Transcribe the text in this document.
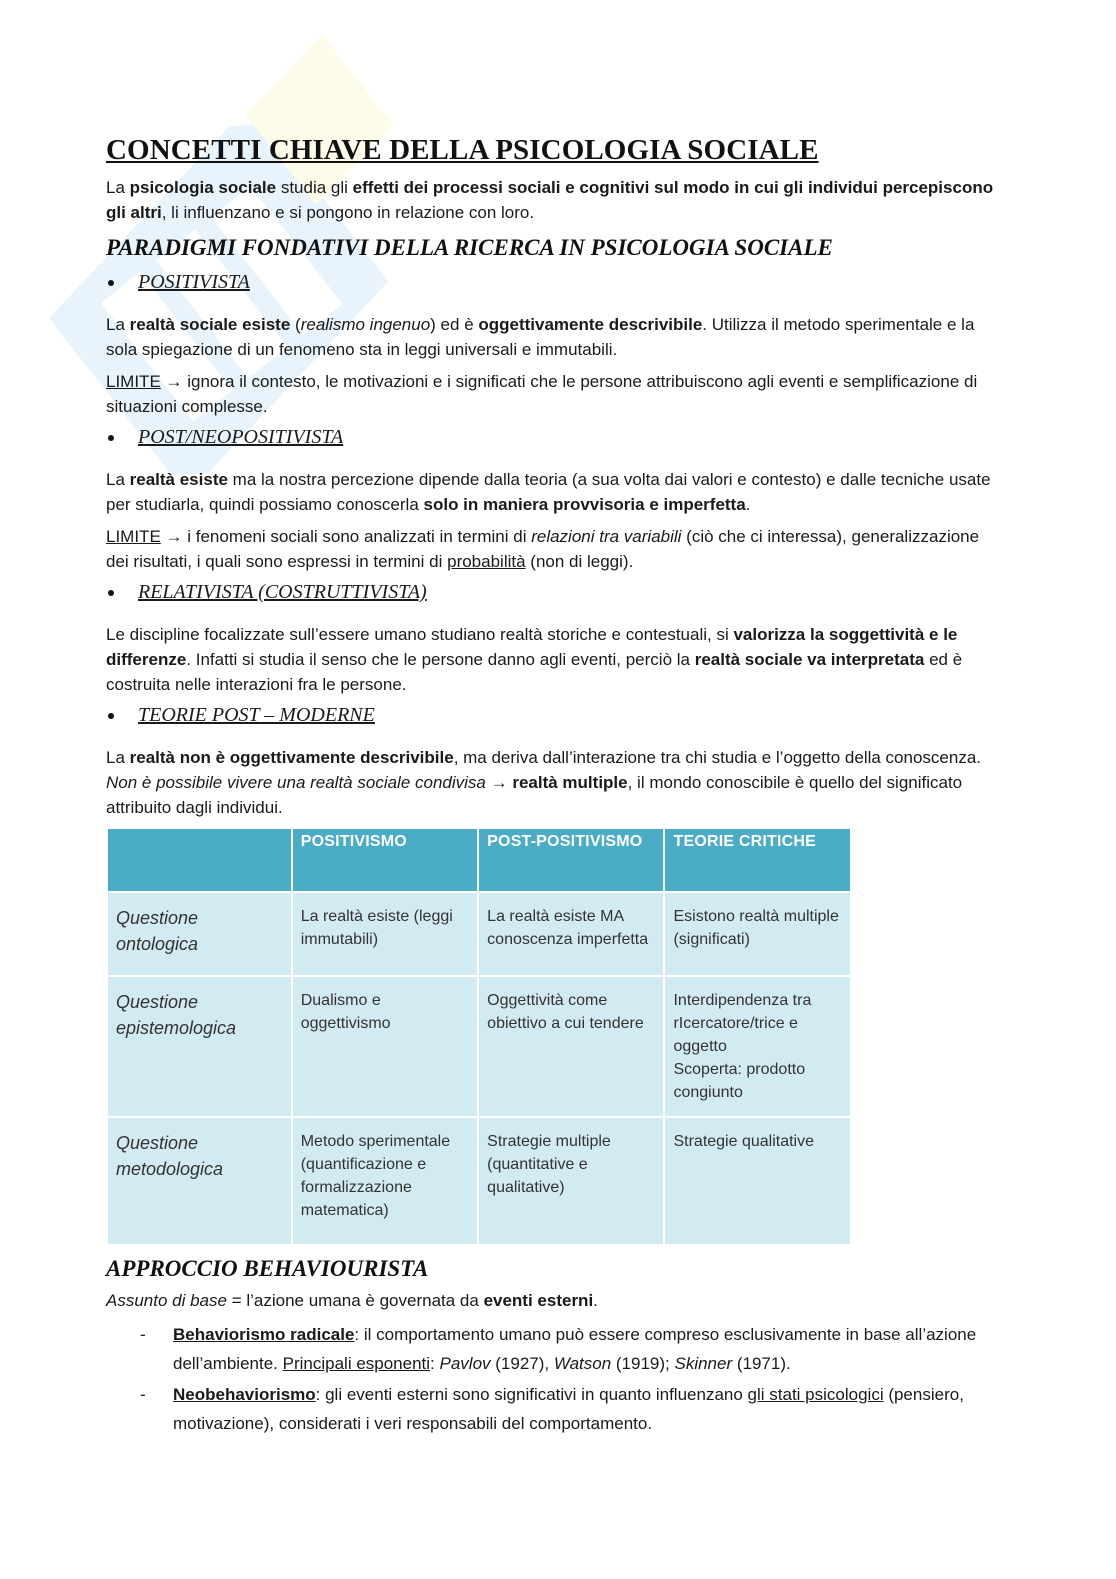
CONCETTI CHIAVE DELLA PSICOLOGIA SOCIALE

La psicologia sociale studia gli effetti dei processi sociali e cognitivi sul modo in cui gli individui percepiscono gli altri, li influenzano e si pongono in relazione con loro.

PARADIGMI FONDATIVI DELLA RICERCA IN PSICOLOGIA SOCIALE
POSITIVISTA

La realtà sociale esiste (realismo ingenuo) ed è oggettivamente descrivibile. Utilizza il metodo sperimentale e la sola spiegazione di un fenomeno sta in leggi universali e immutabili.

LIMITE → ignora il contesto, le motivazioni e i significati che le persone attribuiscono agli eventi e semplificazione di situazioni complesse.

POST/NEOPOSITIVISTA

La realtà esiste ma la nostra percezione dipende dalla teoria (a sua volta dai valori e contesto) e dalle tecniche usate per studiarla, quindi possiamo conoscerla solo in maniera provvisoria e imperfetta.

LIMITE → i fenomeni sociali sono analizzati in termini di relazioni tra variabili (ciò che ci interessa), generalizzazione dei risultati, i quali sono espressi in termini di probabilità (non di leggi).

RELATIVISTA (COSTRUTTIVISTA)

Le discipline focalizzate sull’essere umano studiano realtà storiche e contestuali, si valorizza la soggettività e le differenze. Infatti si studia il senso che le persone danno agli eventi, perciò la realtà sociale va interpretata ed è costruita nelle interazioni fra le persone.

TEORIE POST – MODERNE

La realtà non è oggettivamente descrivibile, ma deriva dall’interazione tra chi studia e l’oggetto della conoscenza. Non è possibile vivere una realtà sociale condivisa → realtà multiple, il mondo conoscibile è quello del significato attribuito dagli individui.

	POSITIVISMO	POST-POSITIVISMO	TEORIE CRITICHE
Questione ontologica	La realtà esiste (leggi immutabili)	La realtà esiste MA conoscenza imperfetta	Esistono realtà multiple (significati)
Questione epistemologica	Dualismo e oggettivismo	Oggettività come obiettivo a cui tendere	Interdipendenza tra rIcercatore/trice e oggetto
Scoperta: prodotto congiunto
Questione metodologica	Metodo sperimentale (quantificazione e formalizzazione matematica)	Strategie multiple (quantitative e qualitative)	Strategie qualitative
APPROCCIO BEHAVIOURISTA

Assunto di base = l’azione umana è governata da eventi esterni.

- Behaviorismo radicale: il comportamento umano può essere compreso esclusivamente in base all’azione dell’ambiente. Principali esponenti: Pavlov (1927), Watson (1919); Skinner (1971).
- Neobehaviorismo: gli eventi esterni sono significativi in quanto influenzano gli stati psicologici (pensiero, motivazione), considerati i veri responsabili del comportamento.
